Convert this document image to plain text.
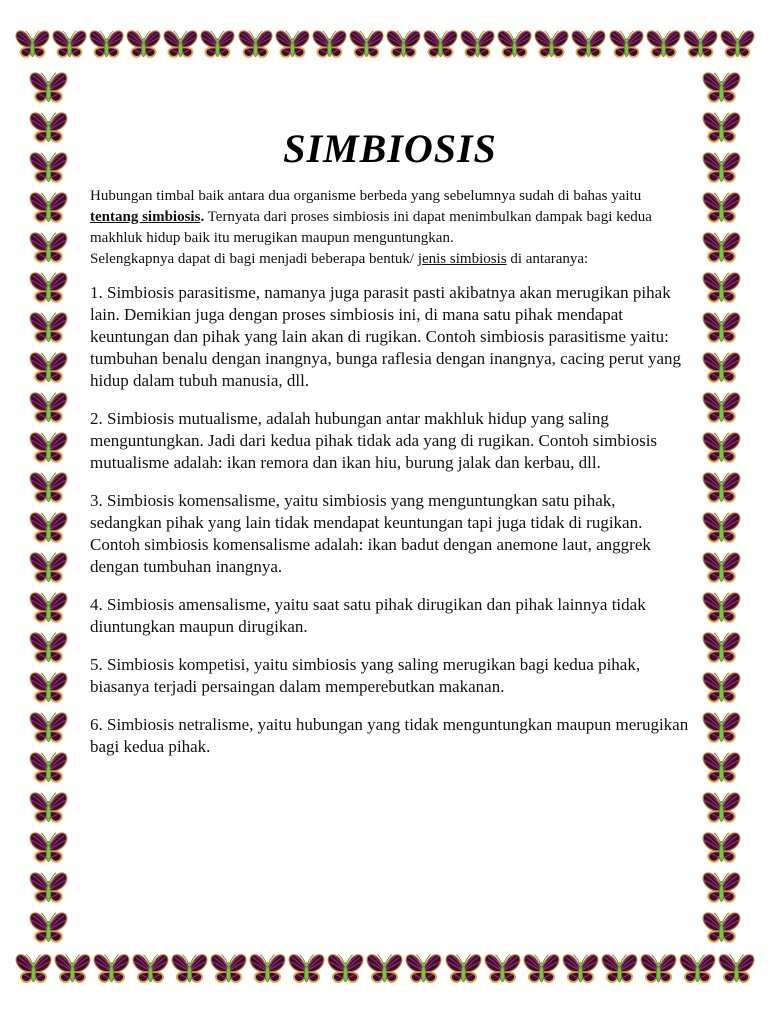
SIMBIOSIS

Hubungan timbal baik antara dua organisme berbeda yang sebelumnya sudah di bahas yaitu tentang simbiosis. Ternyata dari proses simbiosis ini dapat menimbulkan dampak bagi kedua makhluk hidup baik itu merugikan maupun menguntungkan.

Selengkapnya dapat di bagi menjadi beberapa bentuk/ jenis simbiosis di antaranya:

1. Simbiosis parasitisme, namanya juga parasit pasti akibatnya akan merugikan pihak lain. Demikian juga dengan proses simbiosis ini, di mana satu pihak mendapat keuntungan dan pihak yang lain akan di rugikan. Contoh simbiosis parasitisme yaitu: tumbuhan benalu dengan inangnya, bunga raflesia dengan inangnya, cacing perut yang hidup dalam tubuh manusia, dll.

2. Simbiosis mutualisme, adalah hubungan antar makhluk hidup yang saling menguntungkan. Jadi dari kedua pihak tidak ada yang di rugikan. Contoh simbiosis mutualisme adalah: ikan remora dan ikan hiu, burung jalak dan kerbau, dll.

3. Simbiosis komensalisme, yaitu simbiosis yang menguntungkan satu pihak, sedangkan pihak yang lain tidak mendapat keuntungan tapi juga tidak di rugikan. Contoh simbiosis komensalisme adalah: ikan badut dengan anemone laut, anggrek dengan tumbuhan inangnya.

4. Simbiosis amensalisme, yaitu saat satu pihak dirugikan dan pihak lainnya tidak diuntungkan maupun dirugikan.

5. Simbiosis kompetisi, yaitu simbiosis yang saling merugikan bagi kedua pihak, biasanya terjadi persaingan dalam memperebutkan makanan.

6. Simbiosis netralisme, yaitu hubungan yang tidak menguntungkan maupun merugikan bagi kedua pihak.
